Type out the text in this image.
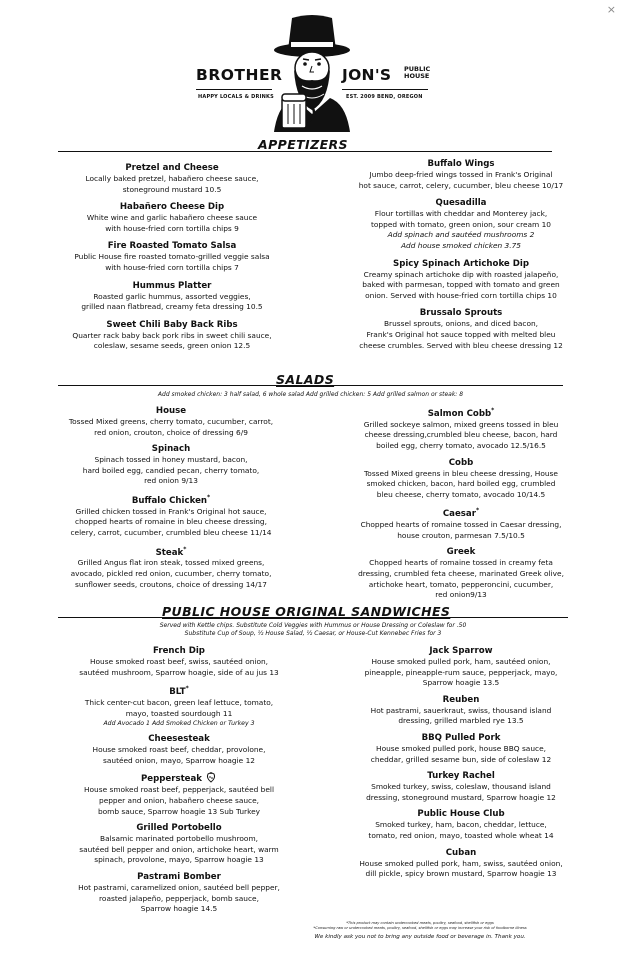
×
BROTHER	JON'S PUBLIC
HOUSE
HAPPY LOCALS & DRINKS	EST. 2009 BEND, OREGON
APPETIZERS
Pretzel and Cheese
Locally baked pretzel, habañero cheese sauce,
stoneground mustard 10.5
Habañero Cheese Dip
White wine and garlic habañero cheese sauce
with house-fried corn tortilla chips 9
Fire Roasted Tomato Salsa
Public House fire roasted tomato-grilled veggie salsa
with house-fried corn tortilla chips 7
Hummus Platter
Roasted garlic hummus, assorted veggies,
grilled naan flatbread, creamy feta dressing 10.5
Sweet Chili Baby Back Ribs
Quarter rack baby back pork ribs in sweet chili sauce,
coleslaw, sesame seeds, green onion 12.5
Buffalo Wings
Jumbo deep-fried wings tossed in Frank's Original
hot sauce, carrot, celery, cucumber, bleu cheese 10/17
Quesadilla
Flour tortillas with cheddar and Monterey jack,
topped with tomato, green onion, sour cream 10
Add spinach and sautéed mushrooms 2
Add house smoked chicken 3.75
Spicy Spinach Artichoke Dip
Creamy spinach artichoke dip with roasted jalapeño,
baked with parmesan, topped with tomato and green
onion. Served with house-fried corn tortilla chips 10
Brussalo Sprouts
Brussel sprouts, onions, and diced bacon,
Frank's Original hot sauce topped with melted bleu
cheese crumbles. Served with bleu cheese dressing 12
SALADS
Add smoked chicken: 3 half salad, 6 whole salad Add grilled chicken: 5 Add grilled salmon or steak: 8
House
Tossed Mixed greens, cherry tomato, cucumber, carrot,
red onion, crouton, choice of dressing 6/9
Spinach
Spinach tossed in honey mustard, bacon,
hard boiled egg, candied pecan, cherry tomato,
red onion 9/13
Buffalo Chicken*
Grilled chicken tossed in Frank's Original hot sauce,
chopped hearts of romaine in bleu cheese dressing,
celery, carrot, cucumber, crumbled bleu cheese 11/14
Steak*
Grilled Angus flat iron steak, tossed mixed greens,
avocado, pickled red onion, cucumber, cherry tomato,
sunflower seeds, croutons, choice of dressing 14/17
Salmon Cobb*
Grilled sockeye salmon, mixed greens tossed in bleu
cheese dressing,crumbled bleu cheese, bacon, hard
boiled egg, cherry tomato, avocado 12.5/16.5
Cobb
Tossed Mixed greens in bleu cheese dressing, House
smoked chicken, bacon, hard boiled egg, crumbled
bleu cheese, cherry tomato, avocado 10/14.5
Caesar*
Chopped hearts of romaine tossed in Caesar dressing,
house crouton, parmesan 7.5/10.5
Greek
Chopped hearts of romaine tossed in creamy feta
dressing, crumbled feta cheese, marinated Greek olive,
artichoke heart, tomato, pepperoncini, cucumber,
red onion9/13
PUBLIC HOUSE ORIGINAL SANDWICHES
Served with Kettle chips. Substitute Cold Veggies with Hummus or House Dressing or Coleslaw for .50
Substitute Cup of Soup, ½ House Salad, ½ Caesar, or House-Cut Kennebec Fries for 3
French Dip
House smoked roast beef, swiss, sautéed onion,
sautéed mushroom, Sparrow hoagie, side of au jus 13
BLT*
Thick center-cut bacon, green leaf lettuce, tomato,
mayo, toasted sourdough 11
Add Avocado 1 Add Smoked Chicken or Turkey 3
Cheesesteak
House smoked roast beef, cheddar, provolone,
sautéed onion, mayo, Sparrow hoagie 12
Peppersteak
House smoked roast beef, pepperjack, sautéed bell
pepper and onion, habañero cheese sauce,
bomb sauce, Sparrow hoagie 13 Sub Turkey
Grilled Portobello
Balsamic marinated portobello mushroom,
sautéed bell pepper and onion, artichoke heart, warm
spinach, provolone, mayo, Sparrow hoagie 13
Pastrami Bomber
Hot pastrami, caramelized onion, sautéed bell pepper,
roasted jalapeño, pepperjack, bomb sauce,
Sparrow hoagie 14.5
Jack Sparrow
House smoked pulled pork, ham, sautéed onion,
pineapple, pineapple-rum sauce, pepperjack, mayo,
Sparrow hoagie 13.5
Reuben
Hot pastrami, sauerkraut, swiss, thousand island
dressing, grilled marbled rye 13.5
BBQ Pulled Pork
House smoked pulled pork, house BBQ sauce,
cheddar, grilled sesame bun, side of coleslaw 12
Turkey Rachel
Smoked turkey, swiss, coleslaw, thousand island
dressing, stoneground mustard, Sparrow hoagie 12
Public House Club
Smoked turkey, ham, bacon, cheddar, lettuce,
tomato, red onion, mayo, toasted whole wheat 14
Cuban
House smoked pulled pork, ham, swiss, sautéed onion,
dill pickle, spicy brown mustard, Sparrow hoagie 13
*This product may contain undercooked meats, poultry, seafood, shellfish or eggs
*Consuming raw or undercooked meats, poultry, seafood, shellfish or eggs may increase your risk of foodborne illness
We kindly ask you not to bring any outside food or beverage in. Thank you.
